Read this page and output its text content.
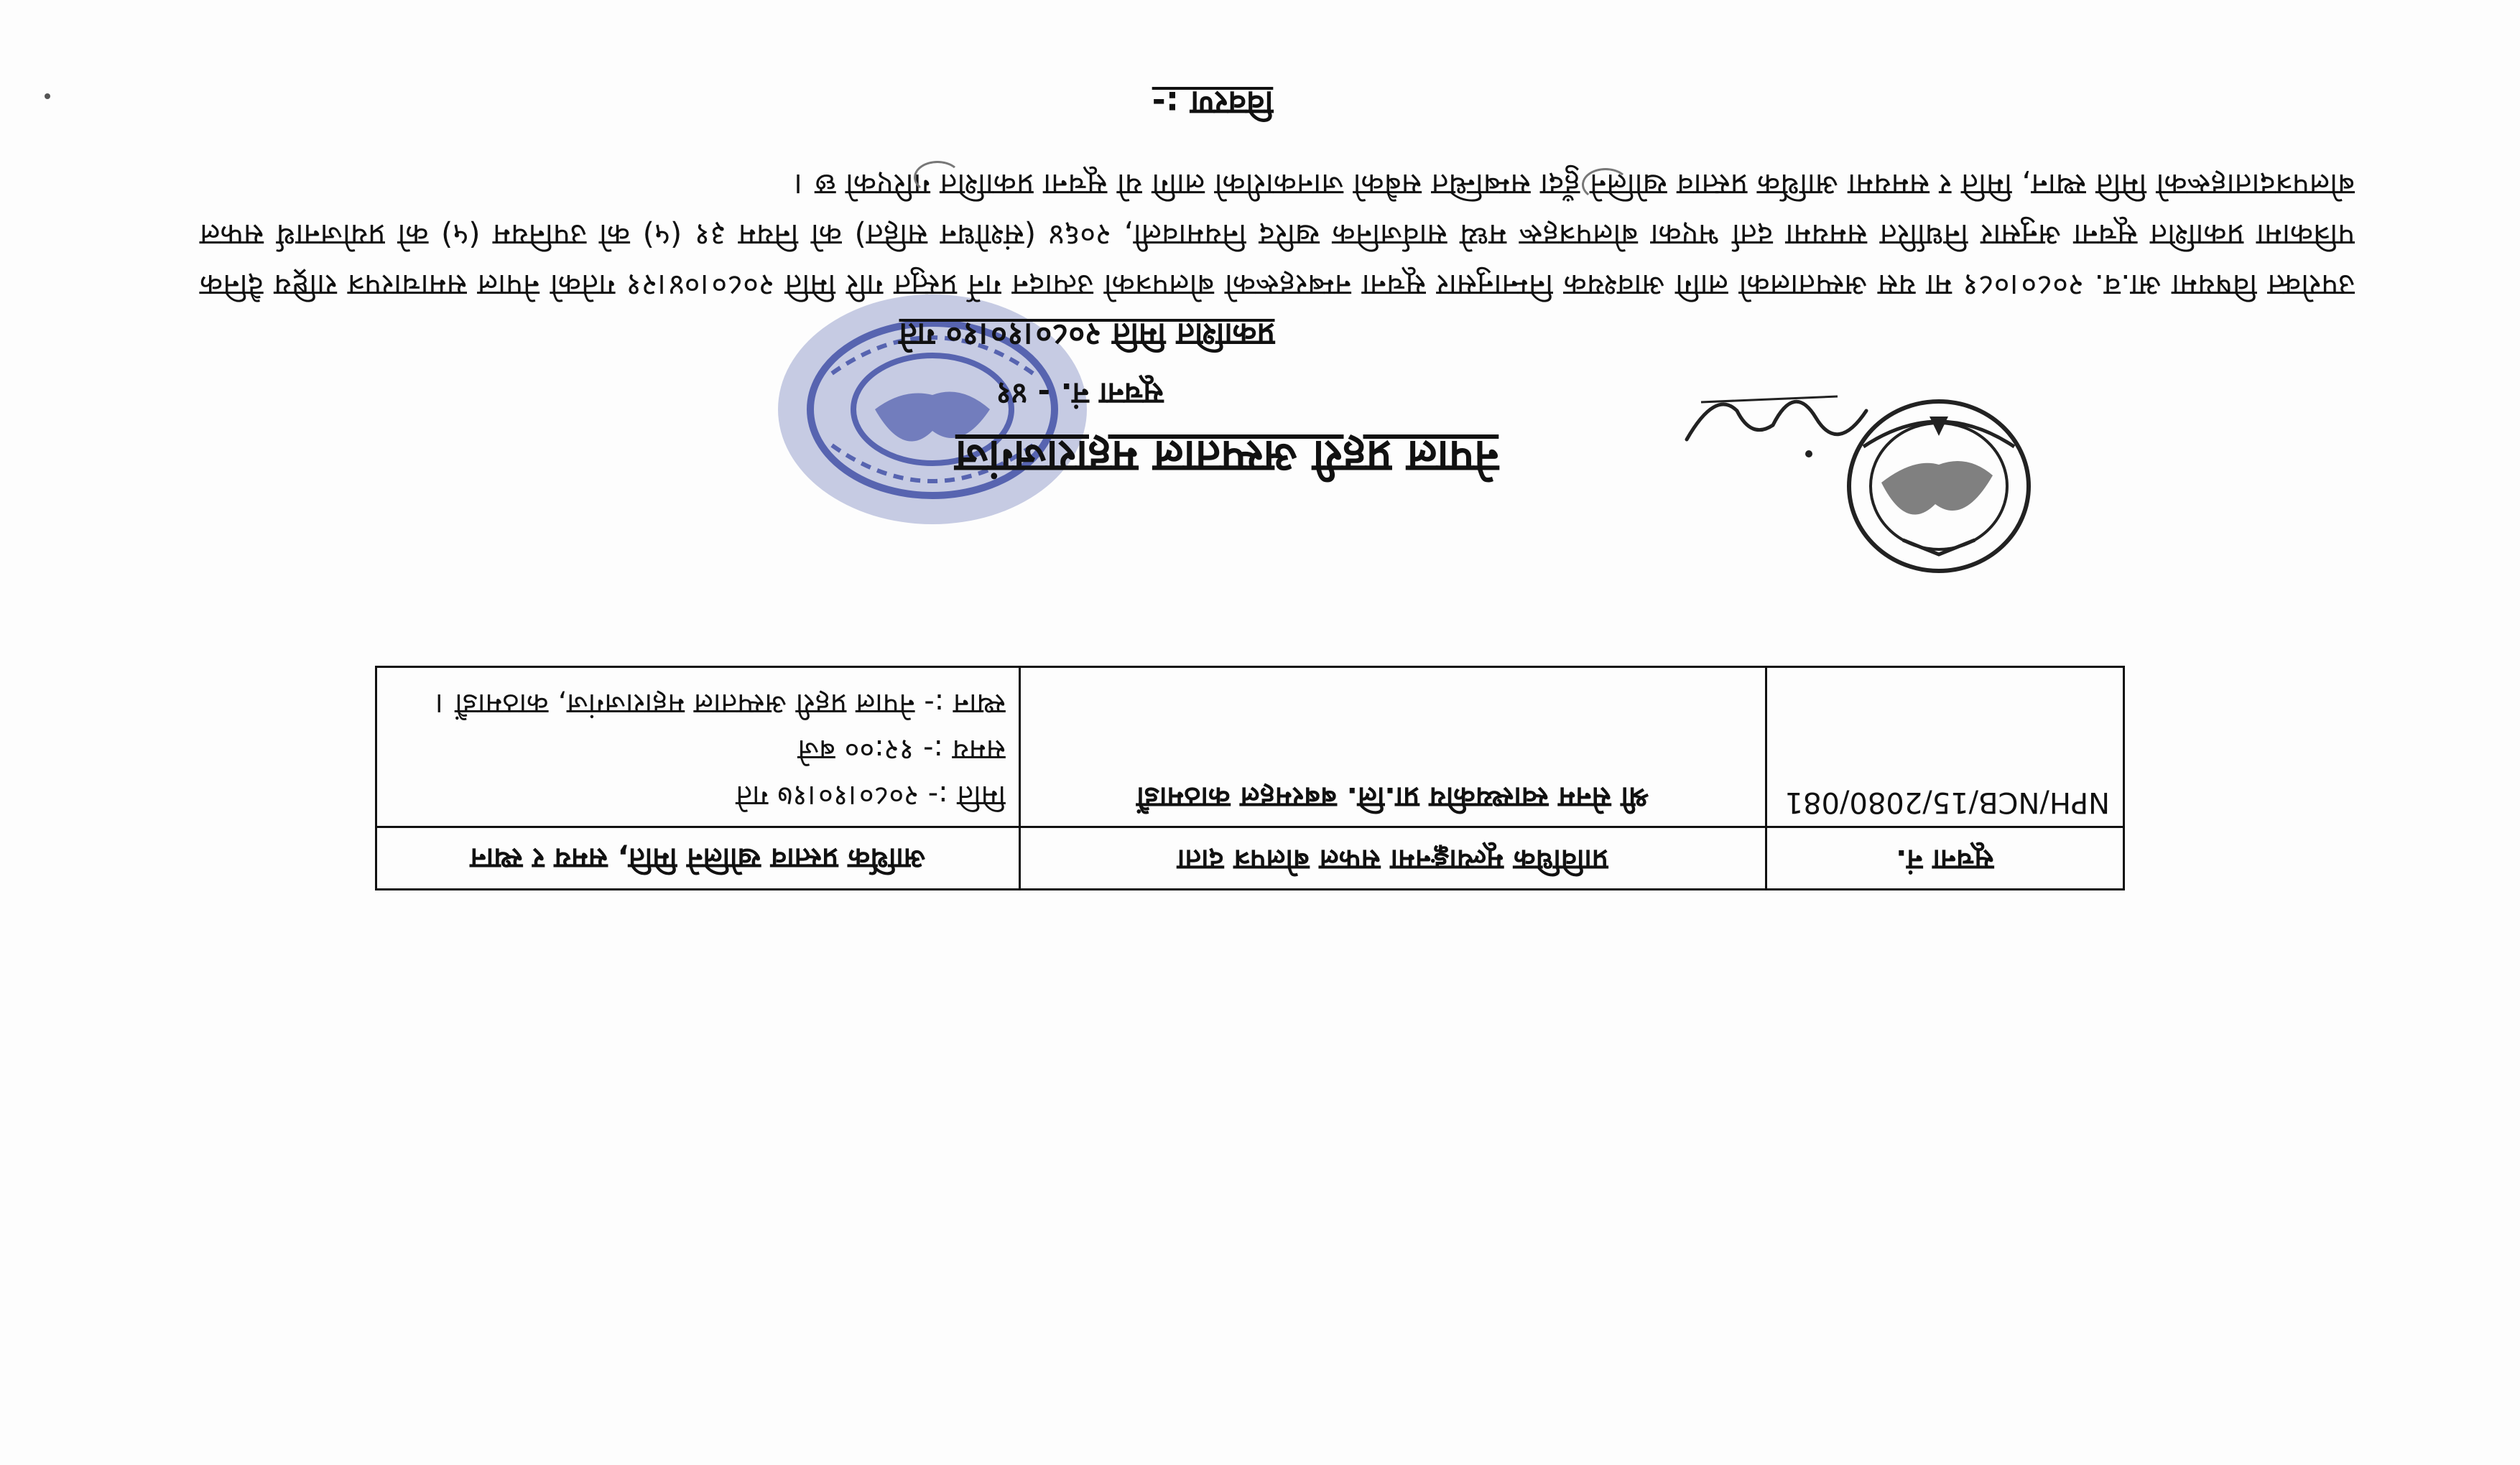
नेपाल प्रहरी अस्पताल महाराजगंज
सूचना नं. - ४१
प्रकाशित मिति २०८०।१०।१० गते
उपरोक्त विषयमा आ.व. २०८०।०८१ मा यस अस्पतालको लागि आवश्यक निम्नानुसार सूचना नम्बरहरूको बोलपत्रको उत्पादन गर्ने प्रस्तुत गरि मिति २०८०।०४।२१ गतेको नेपाल समाचारपत्र राष्ट्रिय दैनिक पत्रिकामा प्रकाशित सूचना अनुसार निर्धारित समयमा दर्ता भएका बोलपत्रहरू मध्ये सार्वजनिक खरिद नियमावली, २०६४ (संशोधन सहित) को नियम ३१ (५) को उपनियम (५) को प्रयोजनार्थ सफल बोलपत्रदाताहरूको मिति स्थान, मिति र समयमा आर्थिक प्रस्ताव खोलिने हुँदा सम्बन्धित सबैको जानकारीको लागि यो सूचना प्रकाशित गरिएको छ ।
विवरण :-
सूचना नं.	प्राविधिक मूल्याङ्कनमा सफल बोलपत्र दाता	आर्थिक प्रस्ताव खोलिने मिति, समय र स्थान
NPH/NCB/15/2080/081	श्री सेनम स्वास्थ्यकीय प्रा.लि. बबरमहल काठमाडौं	मिति :- २०८०।१०।१७ गते
समय :- १२:०० बजे
स्थान :- नेपाल प्रहरी अस्पताल महाराजगंज, काठमाडौं ।
